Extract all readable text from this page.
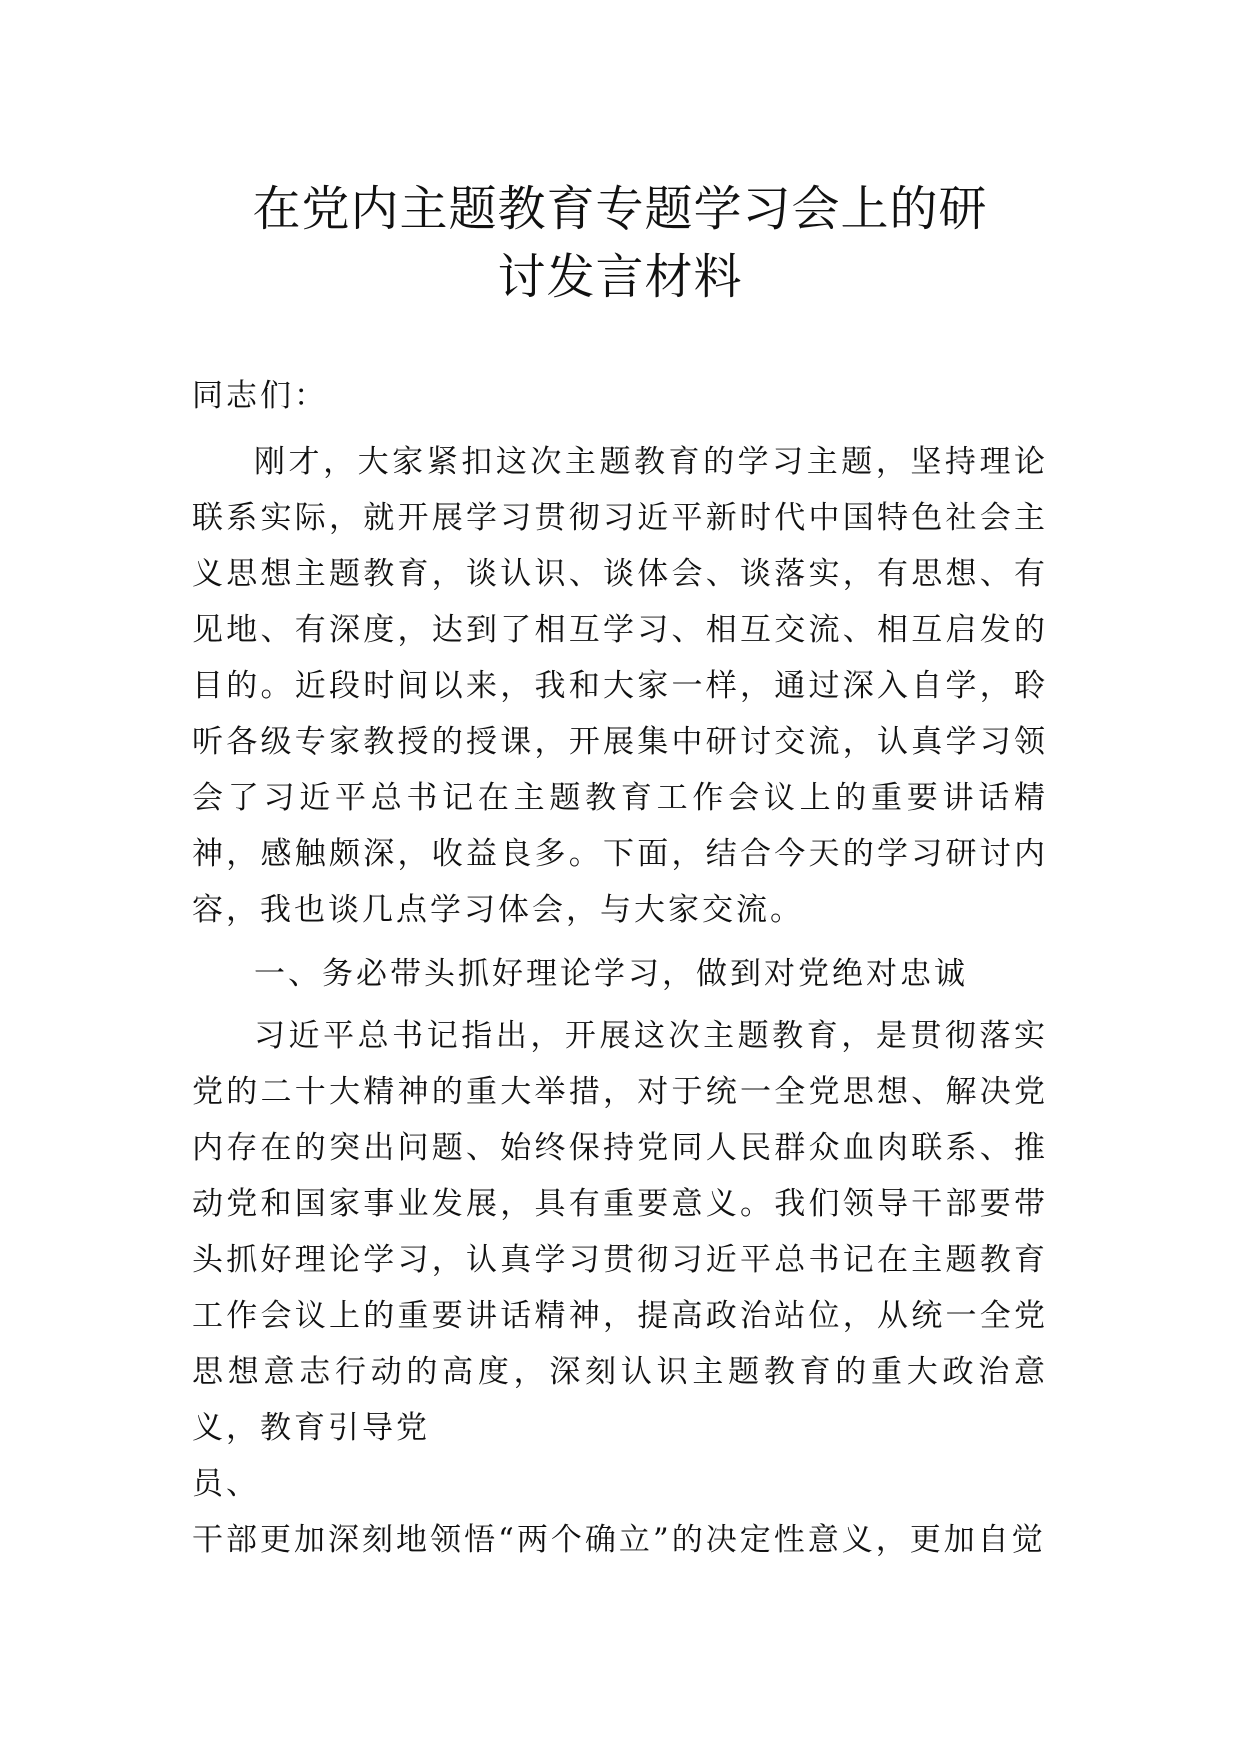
在党内主题教育专题学习会上的研
讨发言材料

同志们：

刚才，大家紧扣这次主题教育的学习主题，坚持理论联系实际，就开展学习贯彻习近平新时代中国特色社会主义思想主题教育，谈认识、谈体会、谈落实，有思想、有见地、有深度，达到了相互学习、相互交流、相互启发的目的。近段时间以来，我和大家一样，通过深入自学，聆听各级专家教授的授课，开展集中研讨交流，认真学习领会了习近平总书记在主题教育工作会议上的重要讲话精神，感触颇深，收益良多。下面，结合今天的学习研讨内容，我也谈几点学习体会，与大家交流。

一、务必带头抓好理论学习，做到对党绝对忠诚

习近平总书记指出，开展这次主题教育，是贯彻落实党的二十大精神的重大举措，对于统一全党思想、解决党内存在的突出问题、始终保持党同人民群众血肉联系、推动党和国家事业发展，具有重要意义。我们领导干部要带头抓好理论学习，认真学习贯彻习近平总书记在主题教育工作会议上的重要讲话精神，提高政治站位，从统一全党思想意志行动的高度，深刻认识主题教育的重大政治意义，教育引导党
员、

干部更加深刻地领悟“两个确立”的决定性意义，更加自觉
